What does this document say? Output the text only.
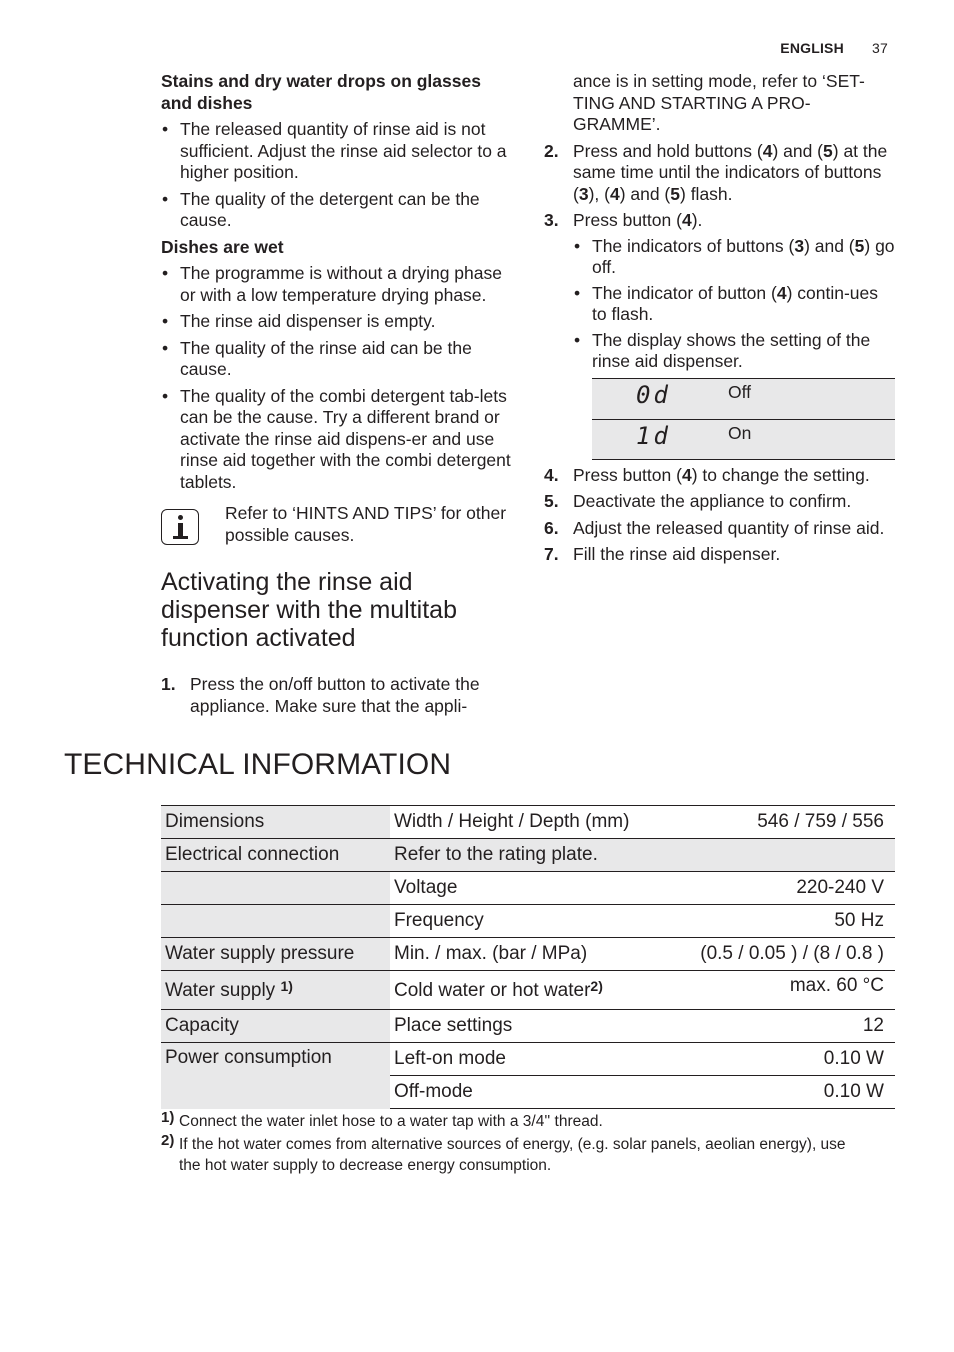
ENGLISH 37
Stains and dry water drops on glasses and dishes
• The released quantity of rinse aid is not sufficient. Adjust the rinse aid selector to a higher position.
• The quality of the detergent can be the cause.
Dishes are wet
• The programme is without a drying phase or with a low temperature drying phase.
• The rinse aid dispenser is empty.
• The quality of the rinse aid can be the cause.
• The quality of the combi detergent tab-lets can be the cause. Try a different brand or activate the rinse aid dispens-er and use rinse aid together with the combi detergent tablets.
Refer to ‘HINTS AND TIPS’ for other possible causes.
Activating the rinse aid dispenser with the multitab function activated
1. Press the on/off button to activate the appliance. Make sure that the appli-
ance is in setting mode, refer to ‘SET-TING AND STARTING A PRO-GRAMME’.
2. Press and hold buttons (4) and (5) at the same time until the indicators of buttons (3), (4) and (5) flash.
3. Press button (4).
• The indicators of buttons (3) and (5) go off.
• The indicator of button (4) contin-ues to flash.
• The display shows the setting of the rinse aid dispenser.
0d	Off
1d	On
4. Press button (4) to change the setting.
5. Deactivate the appliance to confirm.
6. Adjust the released quantity of rinse aid.
7. Fill the rinse aid dispenser.
TECHNICAL INFORMATION
Dimensions	Width / Height / Depth (mm)	546 / 759 / 556
Electrical connection	Refer to the rating plate.	
	Voltage	220-240 V
	Frequency	50 Hz
Water supply pressure	Min. / max. (bar / MPa)	(0.5 / 0.05 ) / (8 / 0.8 )
Water supply $^{1)}$	Cold water or hot water$^{2)}$	max. 60 °C
Capacity	Place settings	12
Power consumption	Left-on mode	0.10 W
	Off-mode	0.10 W
1) Connect the water inlet hose to a water tap with a 3/4'' thread.
2) If the hot water comes from alternative sources of energy, (e.g. solar panels, aeolian energy), use the hot water supply to decrease energy consumption.
